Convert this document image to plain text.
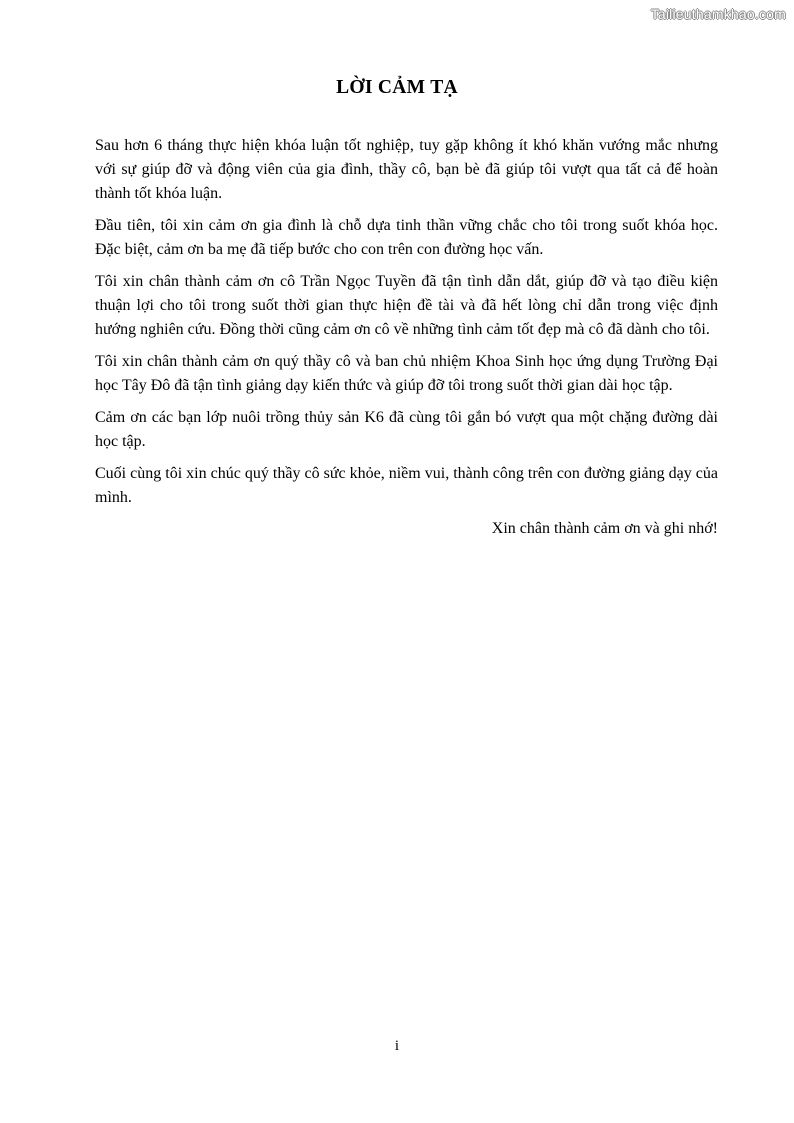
Tailieuthamkhao.com
LỜI CẢM TẠ

Sau hơn 6 tháng thực hiện khóa luận tốt nghiệp, tuy gặp không ít khó khăn vướng mắc nhưng với sự giúp đỡ và động viên của gia đình, thầy cô, bạn bè đã giúp tôi vượt qua tất cả để hoàn thành tốt khóa luận.

Đầu tiên, tôi xin cảm ơn gia đình là chỗ dựa tinh thần vững chắc cho tôi trong suốt khóa học. Đặc biệt, cảm ơn ba mẹ đã tiếp bước cho con trên con đường học vấn.

Tôi xin chân thành cảm ơn cô Trần Ngọc Tuyền đã tận tình dẫn dắt, giúp đỡ và tạo điều kiện thuận lợi cho tôi trong suốt thời gian thực hiện đề tài và đã hết lòng chỉ dẫn trong việc định hướng nghiên cứu. Đồng thời cũng cảm ơn cô về những tình cảm tốt đẹp mà cô đã dành cho tôi.

Tôi xin chân thành cảm ơn quý thầy cô và ban chủ nhiệm Khoa Sinh học ứng dụng Trường Đại học Tây Đô đã tận tình giảng dạy kiến thức và giúp đỡ tôi trong suốt thời gian dài học tập.

Cảm ơn các bạn lớp nuôi trồng thủy sản K6 đã cùng tôi gắn bó vượt qua một chặng đường dài học tập.

Cuối cùng tôi xin chúc quý thầy cô sức khỏe, niềm vui, thành công trên con đường giảng dạy của mình.

Xin chân thành cảm ơn và ghi nhớ!

i
